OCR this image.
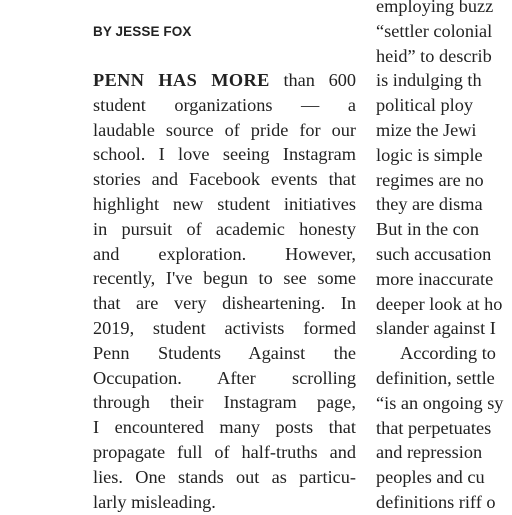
BY JESSE FOX
PENN HAS MORE than 600
student organizations — a
laudable source of pride for our
school. I love seeing Instagram
stories and Facebook events that
highlight new student initiatives
in pursuit of academic honesty
and exploration. However,
recently, I've begun to see some
that are very disheartening. In
2019, student activists formed
Penn Students Against the
Occupation. After scrolling
through their Instagram page,
I encountered many posts that
propagate full of half-truths and
lies. One stands out as particu-
larly misleading.
employing buzz
“settler colonial
heid” to describ
is indulging th
political ploy
mize the Jewi
logic is simple
regimes are no
they are disma
But in the con
such accusation
more inaccurate
deeper look at ho
slander against I
According to
definition, settle
“is an ongoing sy
that perpetuates
and repression
peoples and cu
definitions riff o
